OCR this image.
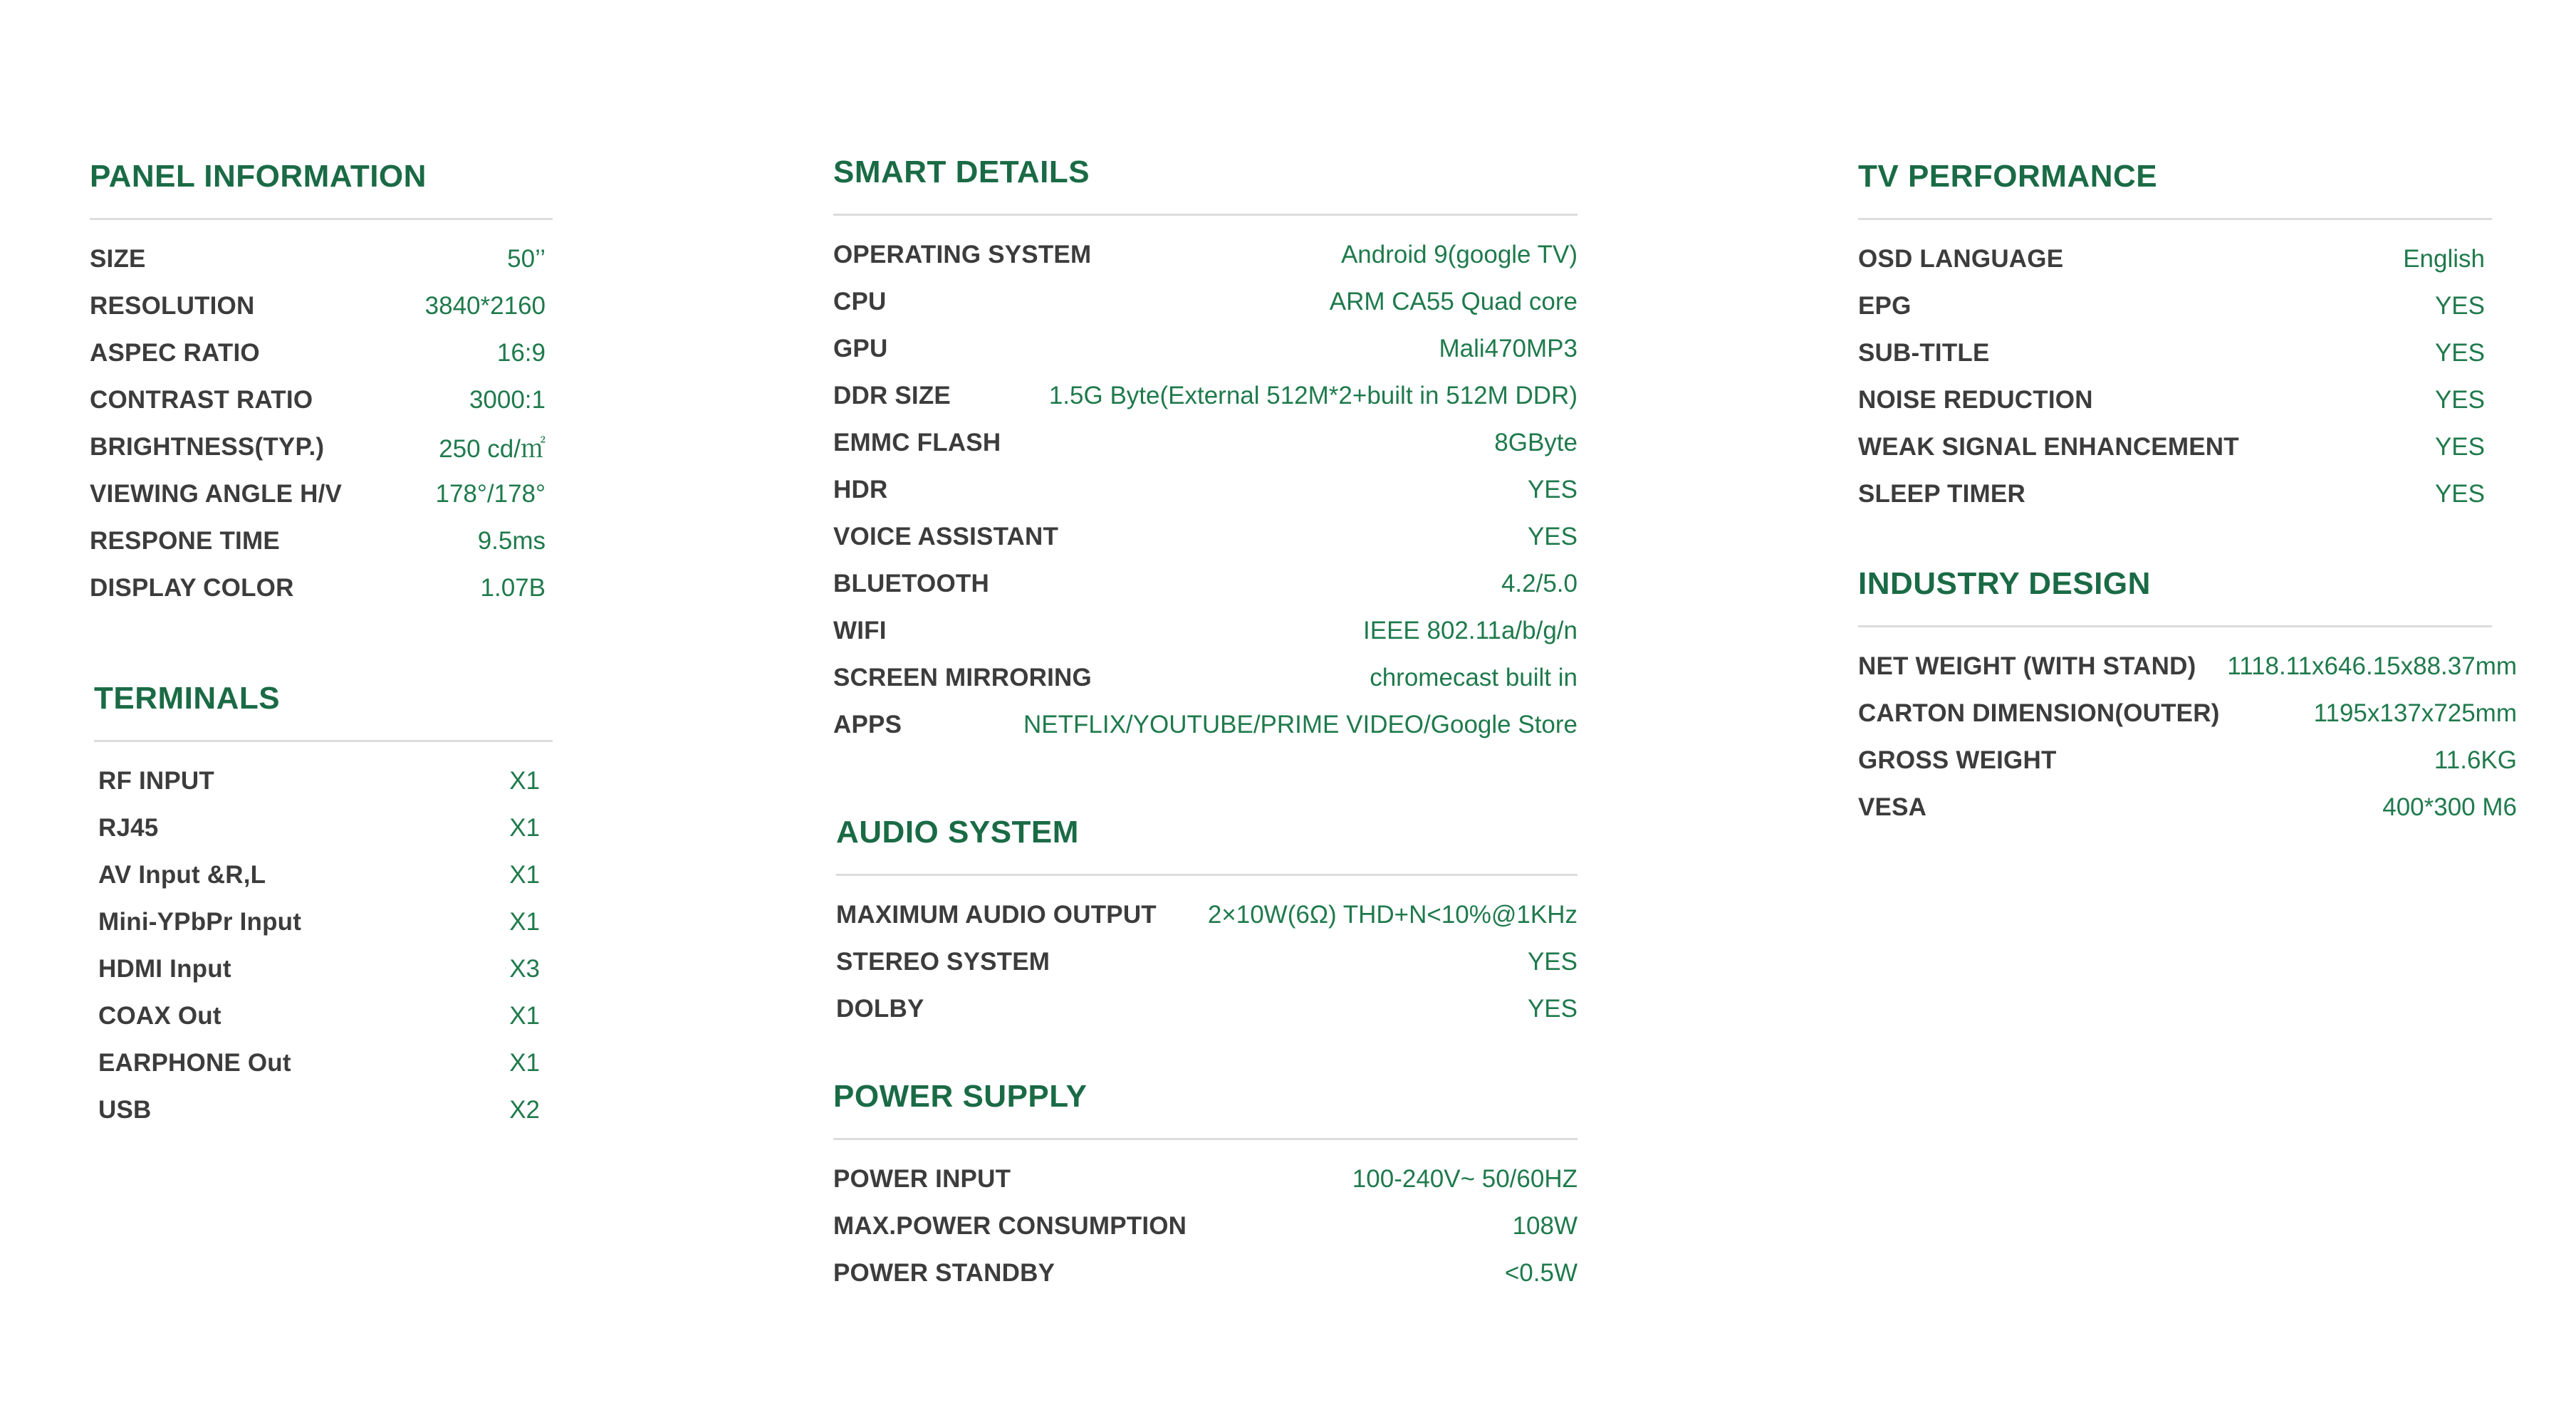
PANEL INFORMATION
SIZE	50’’
RESOLUTION	3840*2160
ASPEC RATIO	16:9
CONTRAST RATIO	3000:1
BRIGHTNESS(TYP.)	250 cd/㎡
VIEWING ANGLE H/V	178°/178°
RESPONE TIME	9.5ms
DISPLAY COLOR	1.07B
TERMINALS
RF INPUT	X1
RJ45	X1
AV Input &R,L	X1
Mini-YPbPr Input	X1
HDMI Input	X3
COAX Out	X1
EARPHONE Out	X1
USB	X2
SMART DETAILS
OPERATING SYSTEM	Android 9(google TV)
CPU	ARM CA55 Quad core
GPU	Mali470MP3
DDR SIZE	1.5G Byte(External 512M*2+built in 512M DDR)
EMMC FLASH	8GByte
HDR	YES
VOICE ASSISTANT	YES
BLUETOOTH	4.2/5.0
WIFI	IEEE 802.11a/b/g/n
SCREEN MIRRORING	chromecast built in
APPS	NETFLIX/YOUTUBE/PRIME VIDEO/Google Store
AUDIO SYSTEM
MAXIMUM AUDIO OUTPUT 2×10W(6Ω) THD+N<10%@1KHz
STEREO SYSTEM	YES
DOLBY	YES
POWER SUPPLY
POWER INPUT	100-240V~ 50/60HZ
MAX.POWER CONSUMPTION	108W
POWER STANDBY	<0.5W
TV PERFORMANCE
OSD LANGUAGE	English
EPG	YES
SUB-TITLE	YES
NOISE REDUCTION	YES
WEAK SIGNAL ENHANCEMENT	YES
SLEEP TIMER	YES
INDUSTRY DESIGN
NET WEIGHT (WITH STAND) 1118.11x646.15x88.37mm
CARTON DIMENSION(OUTER)	1195x137x725mm
GROSS WEIGHT	11.6KG
VESA	400*300 M6
